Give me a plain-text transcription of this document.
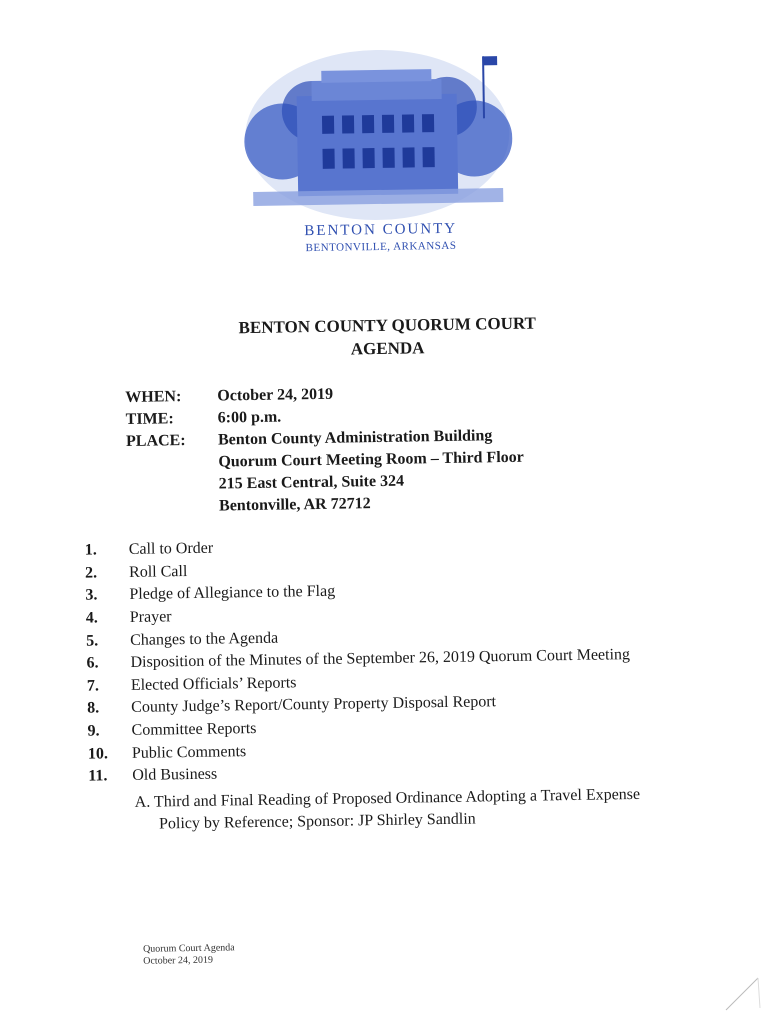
BENTON COUNTY
BENTONVILLE, ARKANSAS
BENTON COUNTY QUORUM COURT
AGENDA
WHEN:	October 24, 2019
TIME:	6:00 p.m.
PLACE:	Benton County Administration Building
Quorum Court Meeting Room – Third Floor
215 East Central, Suite 324
Bentonville, AR 72712
1.	Call to Order
2.	Roll Call
3.	Pledge of Allegiance to the Flag
4.	Prayer
5.	Changes to the Agenda
6.	Disposition of the Minutes of the September 26, 2019 Quorum Court Meeting
7.	Elected Officials’ Reports
8.	County Judge’s Report/County Property Disposal Report
9.	Committee Reports
10.	Public Comments
11.	Old Business
A. Third and Final Reading of Proposed Ordinance Adopting a Travel Expense
Policy by Reference; Sponsor: JP Shirley Sandlin
Quorum Court Agenda
October 24, 2019
